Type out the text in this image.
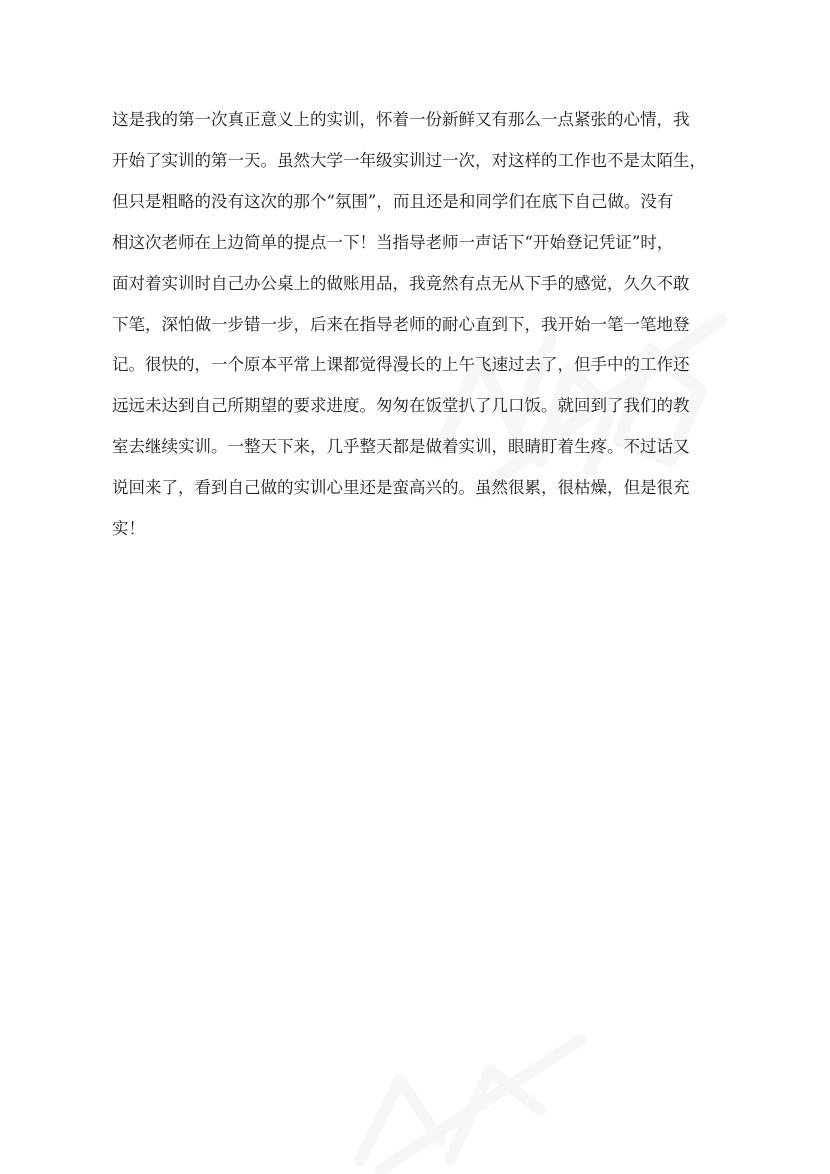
这是我的第一次真正意义上的实训，怀着一份新鲜又有那么一点紧张的心情，我
开始了实训的第一天。虽然大学一年级实训过一次，对这样的工作也不是太陌生，
但只是粗略的没有这次的那个“氛围”，而且还是和同学们在底下自己做。没有
相这次老师在上边简单的提点一下！当指导老师一声话下“开始登记凭证”时，
面对着实训时自己办公桌上的做账用品，我竟然有点无从下手的感觉，久久不敢
下笔，深怕做一步错一步，后来在指导老师的耐心直到下，我开始一笔一笔地登
记。很快的，一个原本平常上课都觉得漫长的上午飞速过去了，但手中的工作还
远远未达到自己所期望的要求进度。匆匆在饭堂扒了几口饭。就回到了我们的教
室去继续实训。一整天下来，几乎整天都是做着实训，眼睛盯着生疼。不过话又
说回来了，看到自己做的实训心里还是蛮高兴的。虽然很累，很枯燥，但是很充
实！
